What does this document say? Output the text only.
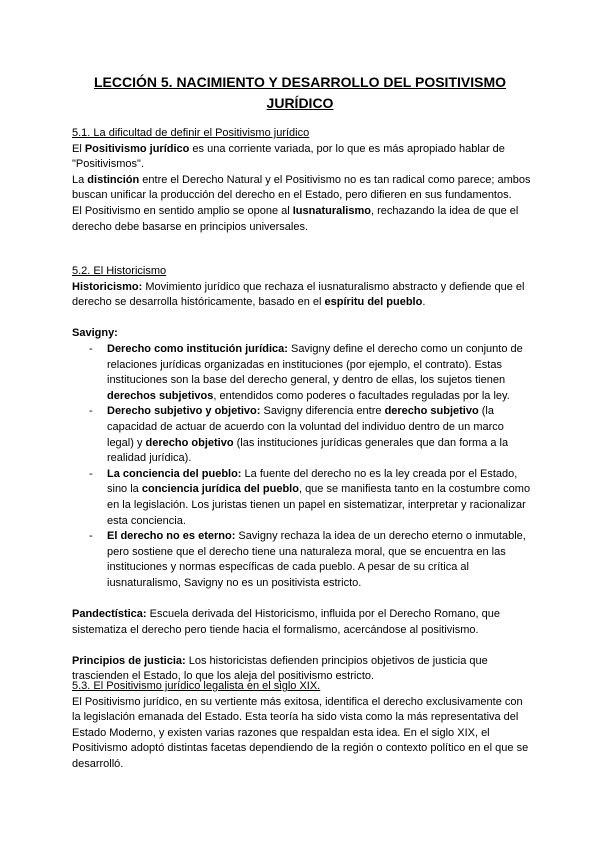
LECCIÓN 5. NACIMIENTO Y DESARROLLO DEL POSITIVISMO JURÍDICO

5.1. La dificultad de definir el Positivismo jurídico

El Positivismo jurídico es una corriente variada, por lo que es más apropiado hablar de "Positivismos".

La distinción entre el Derecho Natural y el Positivismo no es tan radical como parece; ambos buscan unificar la producción del derecho en el Estado, pero difieren en sus fundamentos.

El Positivismo en sentido amplio se opone al Iusnaturalismo, rechazando la idea de que el derecho debe basarse en principios universales.

5.2. El Historicismo

Historicismo: Movimiento jurídico que rechaza el iusnaturalismo abstracto y defiende que el derecho se desarrolla históricamente, basado en el espíritu del pueblo.

Savigny:

- Derecho como institución jurídica: Savigny define el derecho como un conjunto de relaciones jurídicas organizadas en instituciones (por ejemplo, el contrato). Estas instituciones son la base del derecho general, y dentro de ellas, los sujetos tienen derechos subjetivos, entendidos como poderes o facultades reguladas por la ley.
- Derecho subjetivo y objetivo: Savigny diferencia entre derecho subjetivo (la capacidad de actuar de acuerdo con la voluntad del individuo dentro de un marco legal) y derecho objetivo (las instituciones jurídicas generales que dan forma a la realidad jurídica).
- La conciencia del pueblo: La fuente del derecho no es la ley creada por el Estado, sino la conciencia jurídica del pueblo, que se manifiesta tanto en la costumbre como en la legislación. Los juristas tienen un papel en sistematizar, interpretar y racionalizar esta conciencia.
- El derecho no es eterno: Savigny rechaza la idea de un derecho eterno o inmutable, pero sostiene que el derecho tiene una naturaleza moral, que se encuentra en las instituciones y normas específicas de cada pueblo. A pesar de su crítica al iusnaturalismo, Savigny no es un positivista estricto.

Pandectística: Escuela derivada del Historicismo, influida por el Derecho Romano, que sistematiza el derecho pero tiende hacia el formalismo, acercándose al positivismo.

Principios de justicia: Los historicistas defienden principios objetivos de justicia que trascienden el Estado, lo que los aleja del positivismo estricto.

5.3. El Positivismo jurídico legalista en el siglo XIX.

El Positivismo jurídico, en su vertiente más exitosa, identifica el derecho exclusivamente con la legislación emanada del Estado. Esta teoría ha sido vista como la más representativa del Estado Moderno, y existen varias razones que respaldan esta idea. En el siglo XIX, el Positivismo adoptó distintas facetas dependiendo de la región o contexto político en el que se desarrolló.
